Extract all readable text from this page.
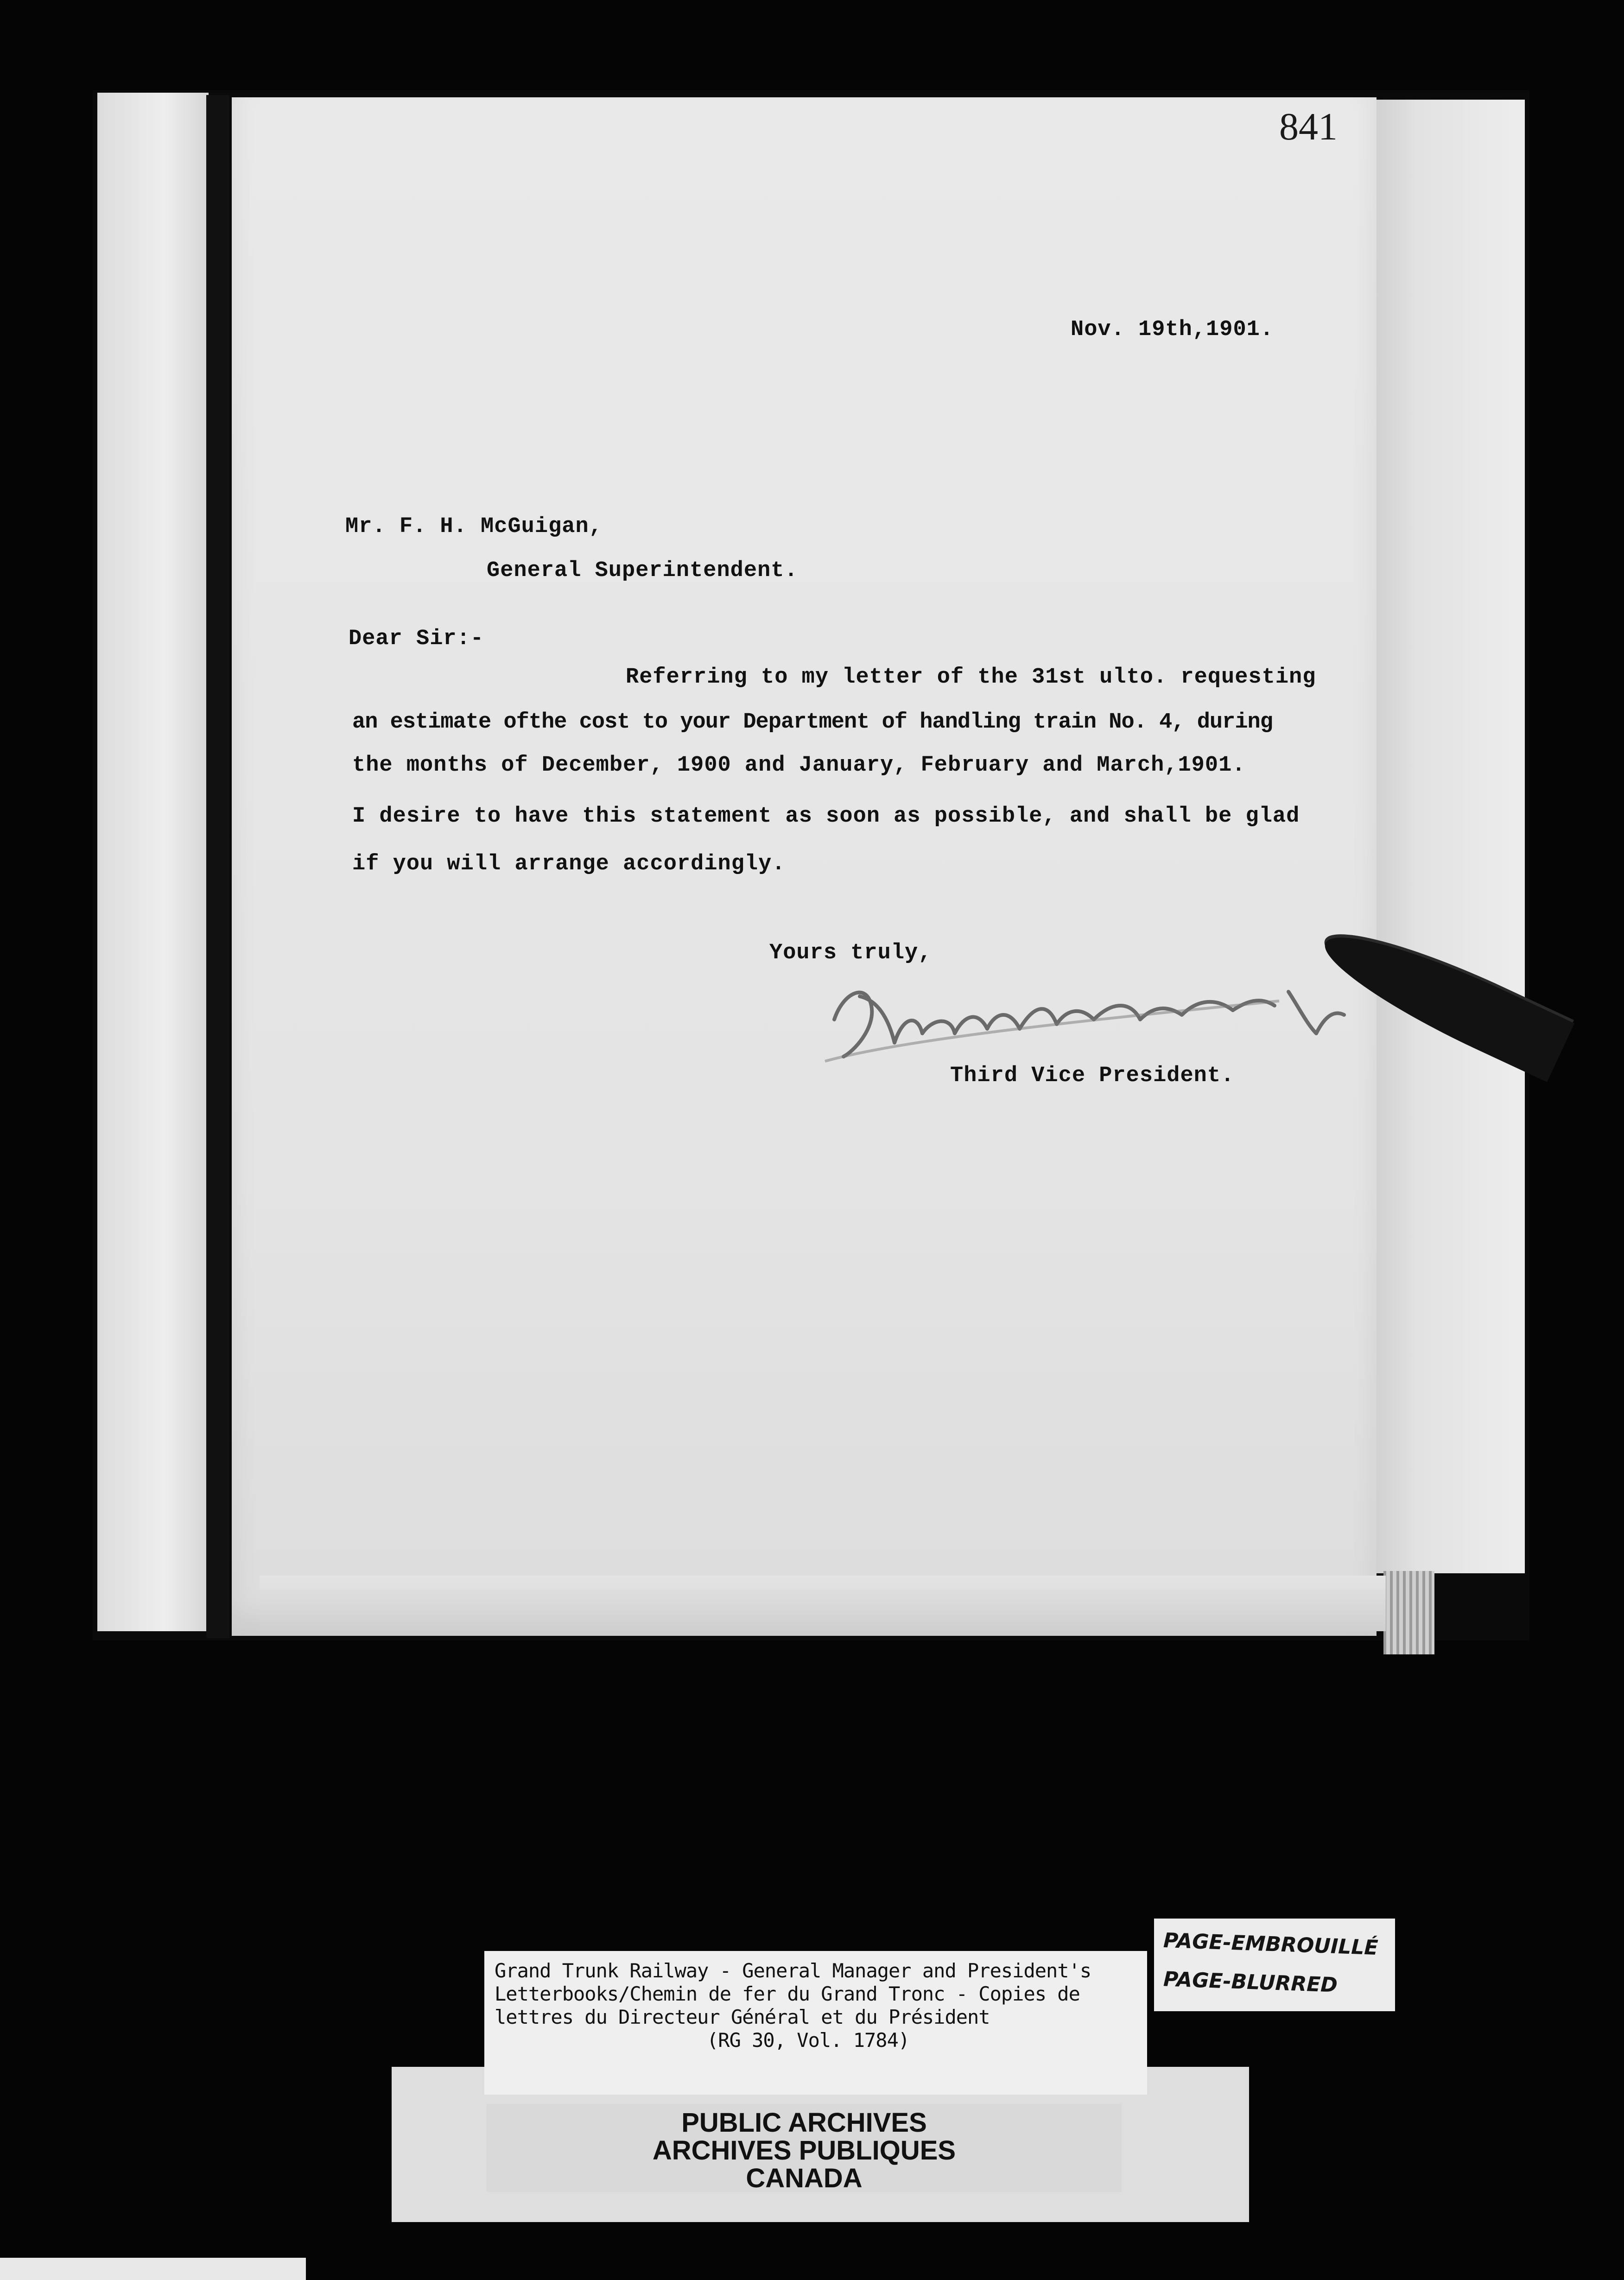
841
Nov. 19th,1901.
Mr. F. H. McGuigan,
General Superintendent.
Dear Sir:-
Referring to my letter of the 31st ulto. requesting
an estimate ofthe cost to your Department of handling train No. 4, during
the months of December, 1900 and January, February and March,1901.
I desire to have this statement as soon as possible, and shall be glad
if you will arrange accordingly.
Yours truly,
Third Vice President.
PAGE-EMBROUILLÉ
PAGE-BLURRED
PUBLIC ARCHIVES
ARCHIVES PUBLIQUES
CANADA
Grand Trunk Railway - General Manager and President's
Letterbooks/Chemin de fer du Grand Tronc - Copies de
lettres du Directeur Général et du Président
(RG 30, Vol. 1784)
